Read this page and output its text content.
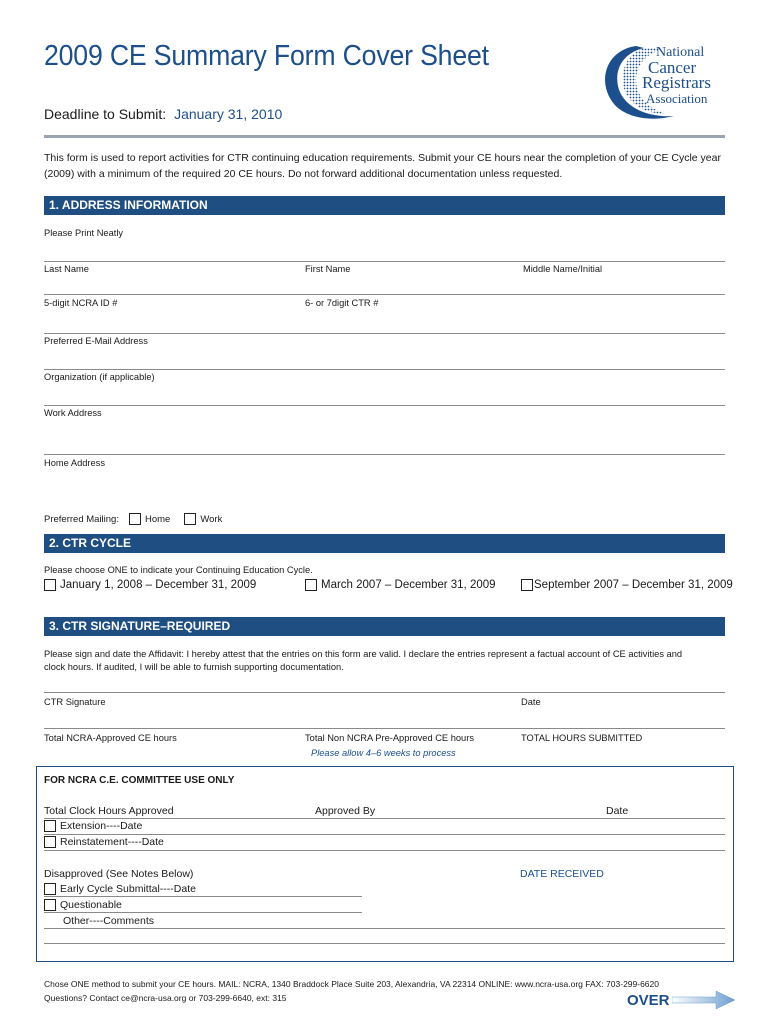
2009 CE Summary Form Cover Sheet
Deadline to Submit: January 31, 2010
National
Cancer
Registrars
Association
This form is used to report activities for CTR continuing education requirements. Submit your CE hours near the completion of your CE Cycle year
(2009) with a minimum of the required 20 CE hours. Do not forward additional documentation unless requested.
1. ADDRESS INFORMATION
Please Print Neatly
Last Name	First Name	Middle Name/Initial
5-digit NCRA ID #	6- or 7digit CTR #
Preferred E-Mail Address
Organization (if applicable)
Work Address
Home Address
Preferred Mailing:	Home	Work
2. CTR CYCLE
Please choose ONE to indicate your Continuing Education Cycle.
January 1, 2008 – December 31, 2009	March 2007 – December 31, 2009	September 2007 – December 31, 2009
3. CTR SIGNATURE–REQUIRED
Please sign and date the Affidavit: I hereby attest that the entries on this form are valid. I declare the entries represent a factual account of CE activities and
clock hours. If audited, I will be able to furnish supporting documentation.
CTR Signature	Date
Total NCRA-Approved CE hours	Total Non NCRA Pre-Approved CE hours	TOTAL HOURS SUBMITTED
Please allow 4–6 weeks to process
FOR NCRA C.E. COMMITTEE USE ONLY
Total Clock Hours Approved	Approved By	Date
Extension----Date
Reinstatement----Date
Disapproved (See Notes Below)	DATE RECEIVED
Early Cycle Submittal----Date
Questionable
Other----Comments
Chose ONE method to submit your CE hours. MAIL: NCRA, 1340 Braddock Place Suite 203, Alexandria, VA 22314 ONLINE: www.ncra-usa.org FAX: 703-299-6620
Questions? Contact ce@ncra-usa.org or 703-299-6640, ext: 315	OVER
